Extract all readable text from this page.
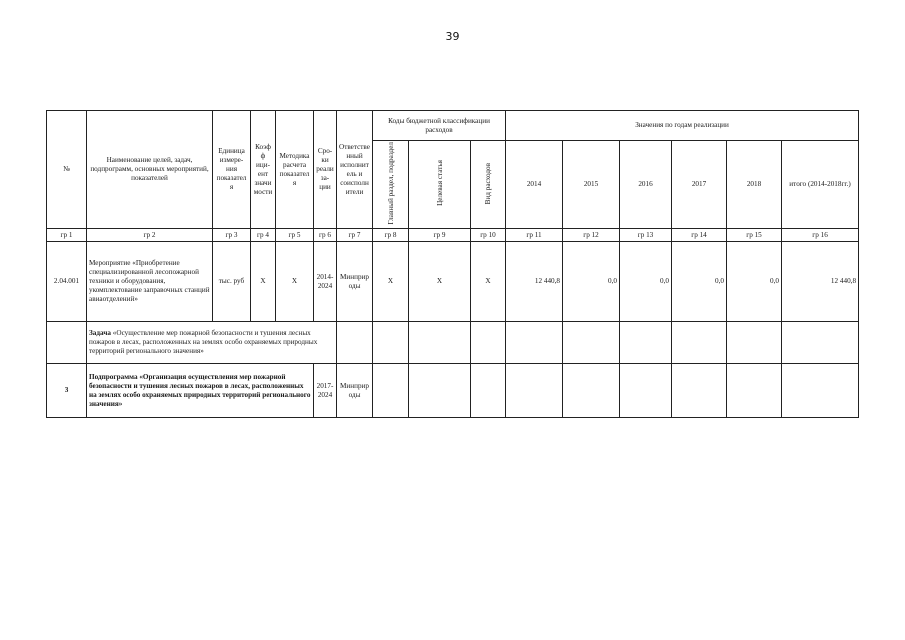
39
№	Наименование целей, задач, подпрограмм, основных мероприятий, показателей	Единица измере-ния показателя	Коэфф ици-ент значи мости	Методика расчета показателя	Сро-ки реали за-ции	Ответственный исполнитель и соисполнители	Коды бюджетной классификации расходов			Значения по годам реализации					
							Главный раздел, подраздел	Целевая статья	Вид расходов	2014	2015	2016	2017	2018	итого (2014-2018гг.)
гр 1	гр 2	гр 3	гр 4	гр 5	гр 6	гр 7	гр 8	гр 9	гр 10	гр 11	гр 12	гр 13	гр 14	гр 15	гр 16
2.04.001	Мероприятие «Приобретение специализированной лесопожарной техники и оборудования, укомплектование заправочных станций авиаотделений»	тыс. руб	Х	Х	2014-2024	Минприроды	Х	Х	Х	12 440,8	0,0	0,0	0,0	0,0	12 440,8
	Задача «Осуществление мер пожарной безопасности и тушения лесных пожаров в лесах, расположенных на землях особо охраняемых природных территорий регионального значения»														
3	Подпрограмма «Организация осуществления мер пожарной безопасности и тушения лесных пожаров в лесах, расположенных на землях особо охраняемых природных территорий регионального значения»				2017-2024	Минприроды									
